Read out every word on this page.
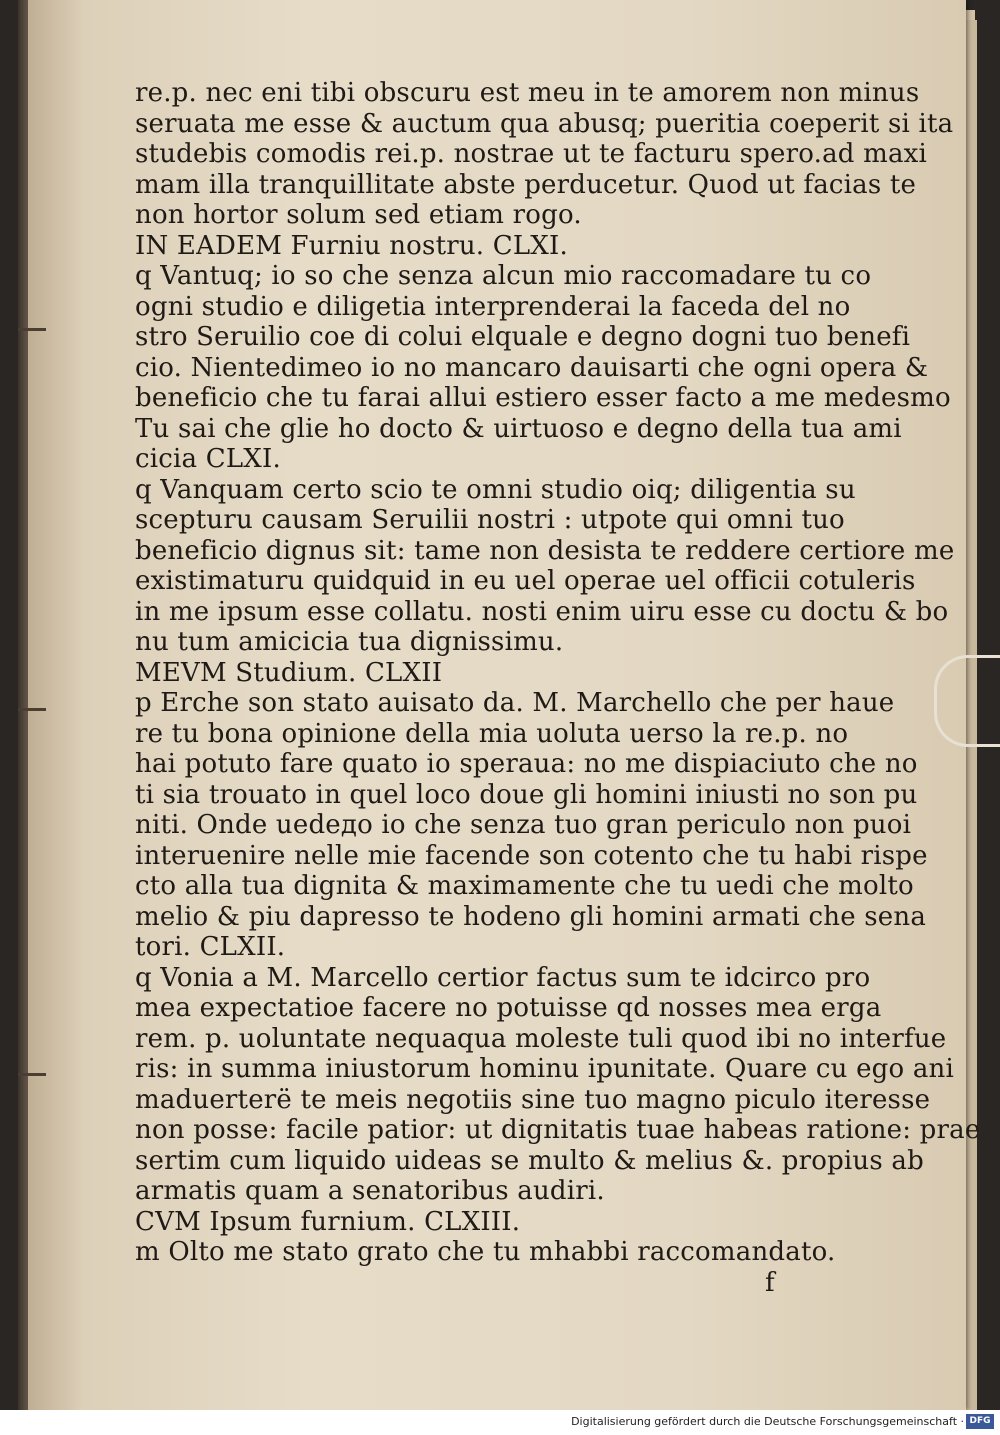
re.p. nec eni tibi obscuru est meu in te amorem non minus
seruata me esse & auctum qua abusq; pueritia coeperit si ita
studebis comodis rei.p. nostrae ut te facturu spero.ad maxi
mam illa tranquillitate abste perducetur. Quod ut facias te
non hortor solum sed etiam rogo.
IN EADEM Furniu nostru. CLXI.
q Vantuq; io so che senza alcun mio raccomadare tu co
ogni studio e diligetia interprenderai la faceda del no
stro Seruilio coe di colui elquale e degno dogni tuo benefi
cio. Nientedimeo io no mancaro dauisarti che ogni opera &
beneficio che tu farai allui estiero esser facto a me medesmo
Tu sai che glie ho docto & uirtuoso e degno della tua ami
cicia CLXI.
q Vanquam certo scio te omni studio oiq; diligentia su
scepturu causam Seruilii nostri : utpote qui omni tuo
beneficio dignus sit: tame non desista te reddere certiore me
existimaturu quidquid in eu uel operae uel officii cotuleris
in me ipsum esse collatu. nosti enim uiru esse cu doctu & bo
nu tum amicicia tua dignissimu.
MEVM Studium. CLXII
p Erche son stato auisato da. M. Marchello che per haue
re tu bona opinione della mia uoluta uerso la re.p. no
hai potuto fare quato io speraua: no me dispiaciuto che no
ti sia trouato in quel loco doue gli homini iniusti no son pu
niti. Onde uedедo io che senza tuo gran periculo non puoi
interuenire nelle mie facende son cotento che tu habi rispe
cto alla tua dignita & maximamente che tu uedi che molto
melio & piu dapresso te hodeno gli homini armati che sena
tori. CLXII.
q Vonia a M. Marcello certior factus sum te idcirco pro
mea expectatioe facere no potuisse qd nosses mea erga
rem. p. uoluntate nequaqua moleste tuli quod ibi no interfue
ris: in summa iniustorum hominu ipunitate. Quare cu ego ani
maduerterё te meis negotiis sine tuo magno piculo iteresse
non posse: facile patior: ut dignitatis tuae habeas ratione: prae
sertim cum liquido uideas se multo & melius &. propius ab
armatis quam a senatoribus audiri.
CVM Ipsum furnium. CLXIII.
m Olto me stato grato che tu mhabbi raccomandato.
f
Digitalisierung gefördert durch die Deutsche Forschungsgemeinschaft · DFG
